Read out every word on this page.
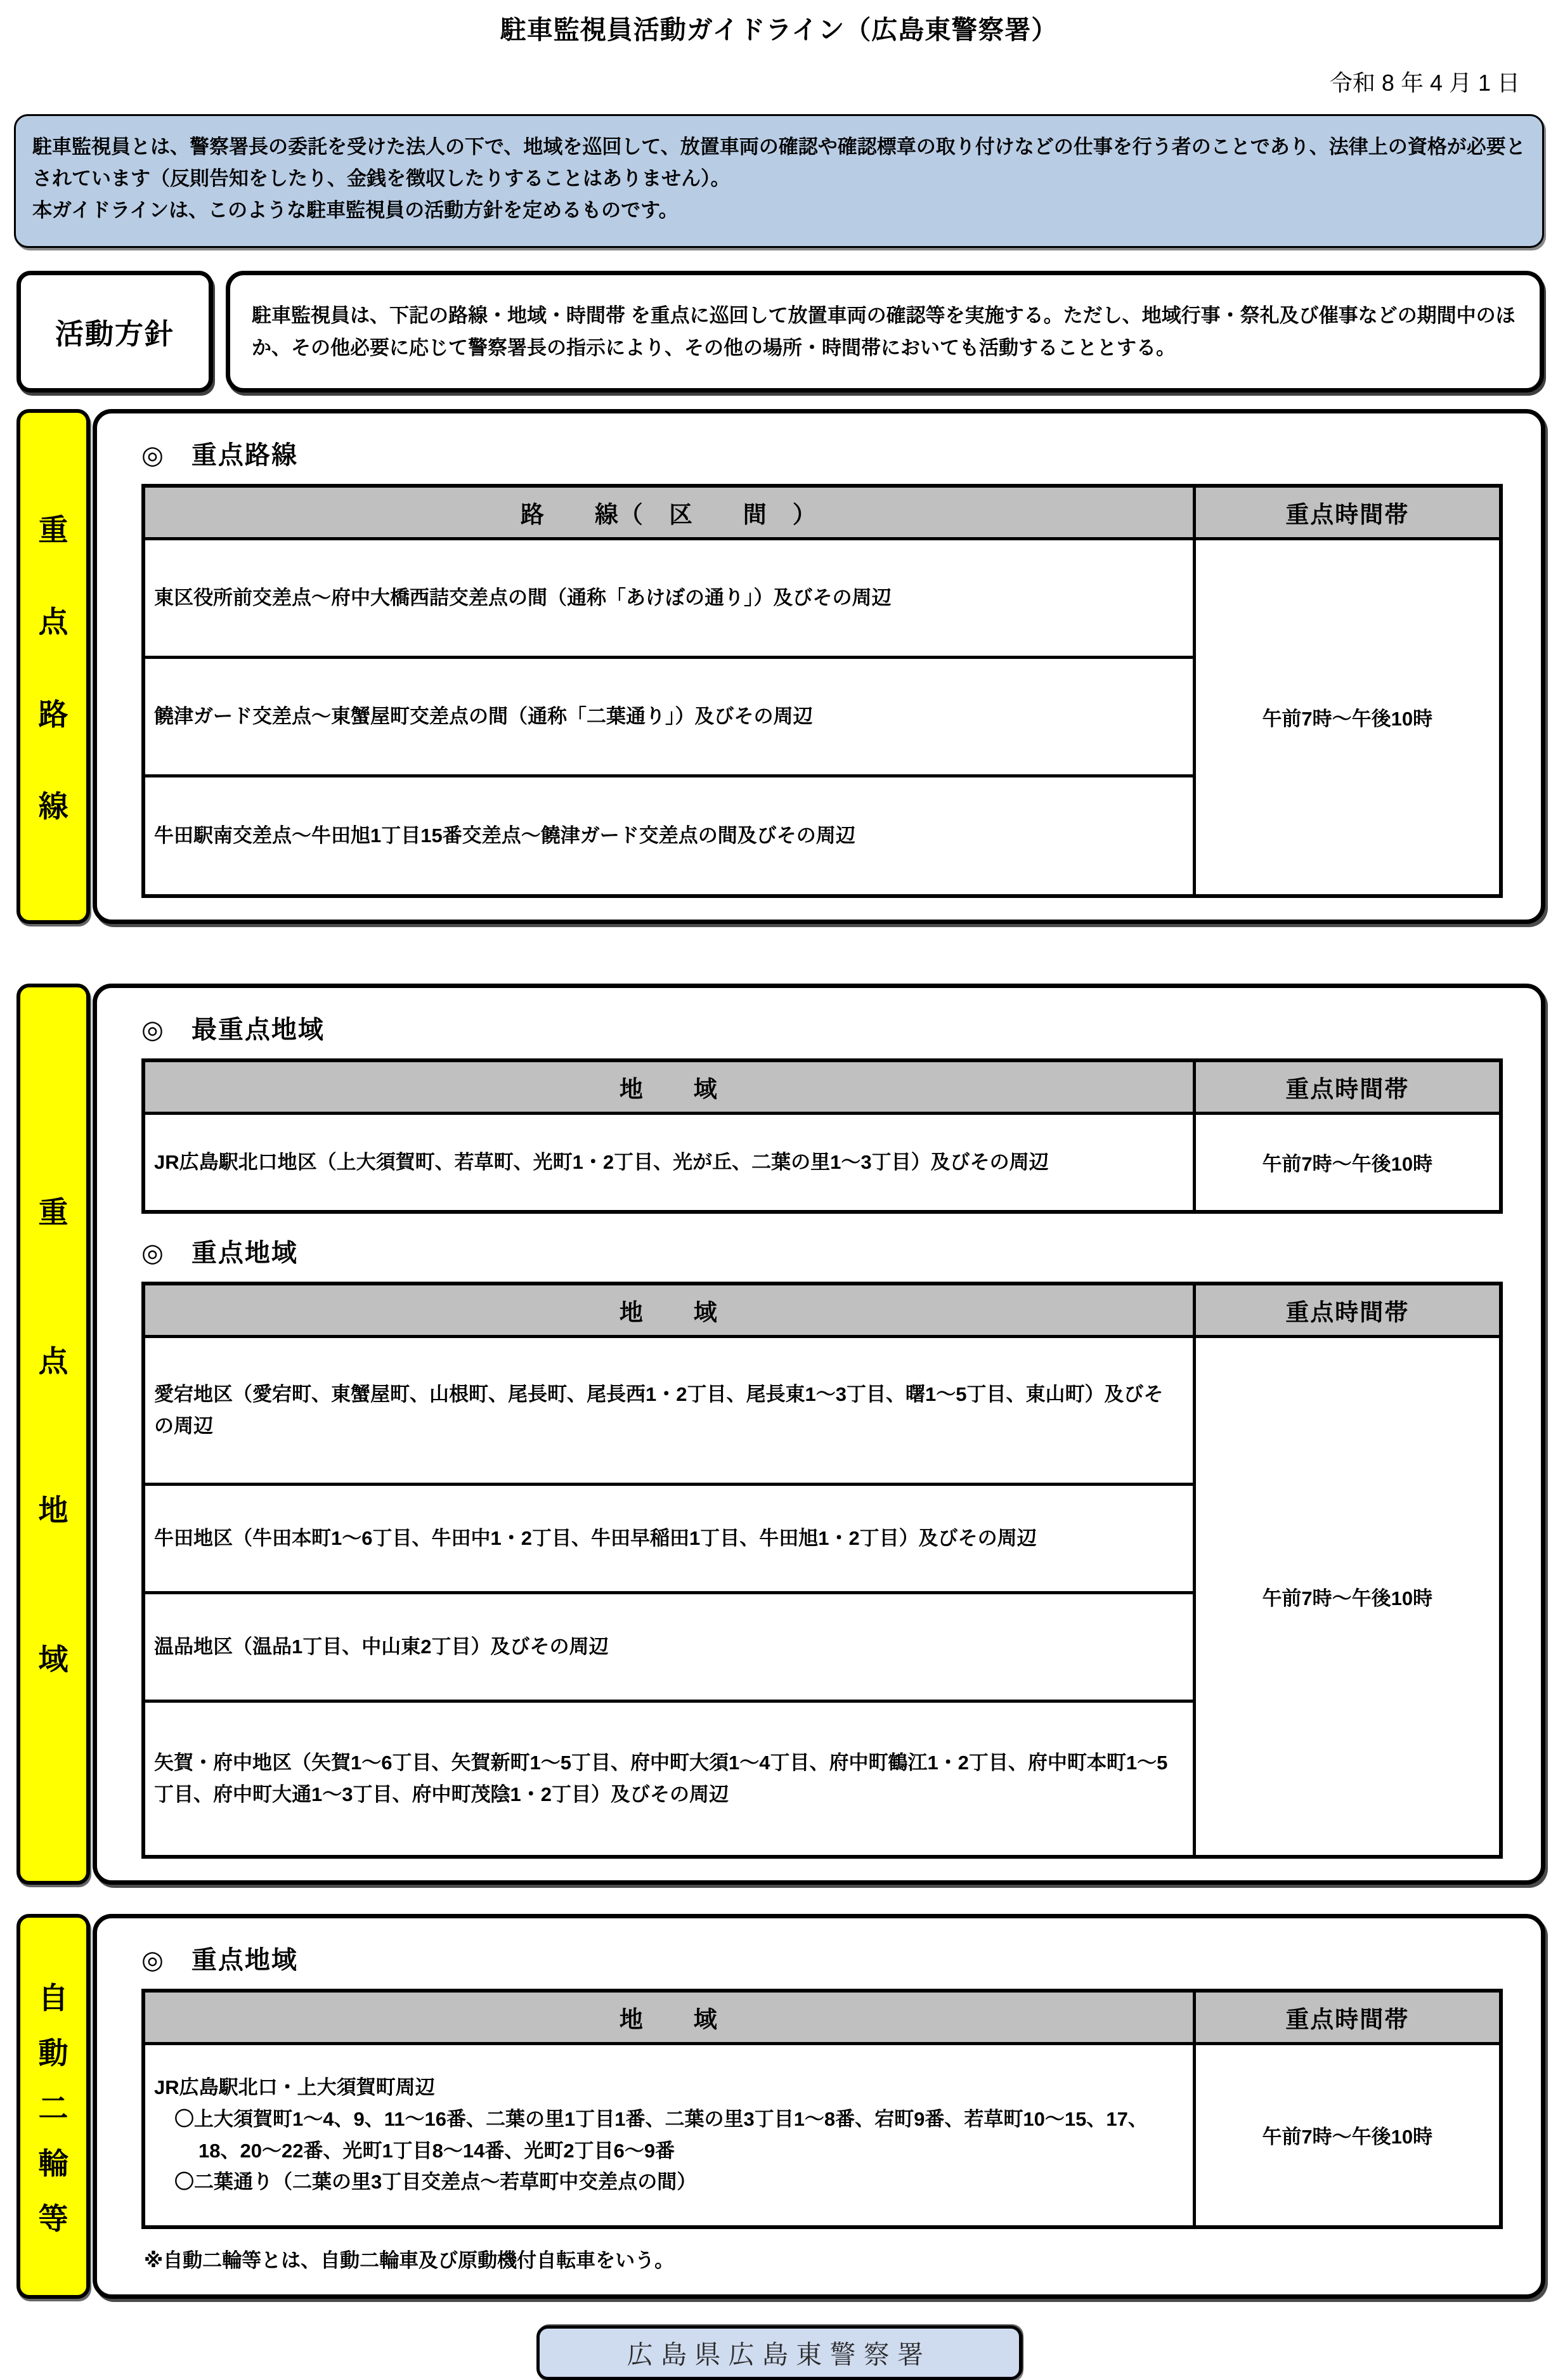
駐車監視員活動ガイドライン（広島東警察署）
令和 8 年 4 月 1 日
駐車監視員とは、警察署長の委託を受けた法人の下で、地域を巡回して、放置車両の確認や確認標章の取り付けなどの仕事を行う者のことであり、法律上の資格が必要とされています（反則告知をしたり、金銭を徴収したりすることはありません）。
本ガイドラインは、このような駐車監視員の活動方針を定めるものです。
活動方針
駐車監視員は、下記の路線・地域・時間帯 を重点に巡回して放置車両の確認等を実施する。ただし、地域行事・祭礼及び催事などの期間中のほか、その他必要に応じて警察署長の指示により、その他の場所・時間帯においても活動することとする。
重
点
路
線
◎　重点路線
路　　線（　区　　間　）	重点時間帯
東区役所前交差点～府中大橋西詰交差点の間（通称「あけぼの通り」）及びその周辺	午前7時～午後10時
饒津ガード交差点～東蟹屋町交差点の間（通称「二葉通り」）及びその周辺	
牛田駅南交差点～牛田旭1丁目15番交差点～饒津ガード交差点の間及びその周辺	
重
点
地
域
◎　最重点地域
地　　域	重点時間帯
JR広島駅北口地区（上大須賀町、若草町、光町1・2丁目、光が丘、二葉の里1～3丁目）及びその周辺	午前7時～午後10時
◎　重点地域
地　　域	重点時間帯
愛宕地区（愛宕町、東蟹屋町、山根町、尾長町、尾長西1・2丁目、尾長東1～3丁目、曙1～5丁目、東山町）及びその周辺	午前7時～午後10時
牛田地区（牛田本町1～6丁目、牛田中1・2丁目、牛田早稲田1丁目、牛田旭1・2丁目）及びその周辺	
温品地区（温品1丁目、中山東2丁目）及びその周辺	
矢賀・府中地区（矢賀1～6丁目、矢賀新町1～5丁目、府中町大須1～4丁目、府中町鶴江1・2丁目、府中町本町1～5丁目、府中町大通1～3丁目、府中町茂陰1・2丁目）及びその周辺	
自
動
二
輪
等
◎　重点地域
地　　域	重点時間帯

JR広島駅北口・上大須賀町周辺
〇上大須賀町1～4、9、11～16番、二葉の里1丁目1番、二葉の里3丁目1～8番、宕町9番、若草町10～15、17、18、20～22番、光町1丁目8～14番、光町2丁目6～9番
〇二葉通り（二葉の里3丁目交差点～若草町中交差点の間）	午前7時～午後10時
※自動二輪等とは、自動二輪車及び原動機付自転車をいう。
広島県広島東警察署
